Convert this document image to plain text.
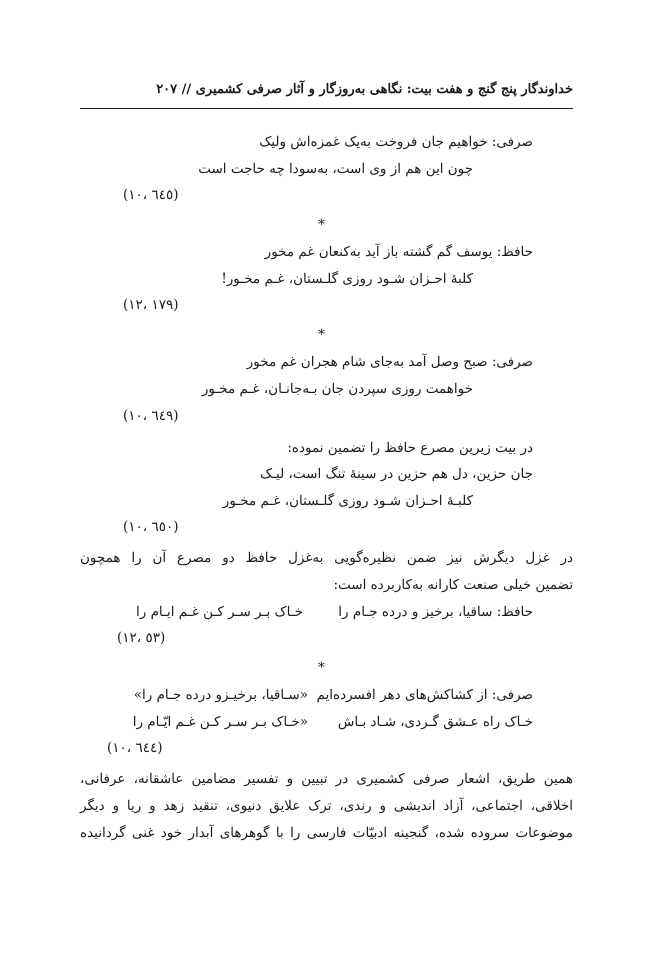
خداوندگار پنج گنج و هفت بیت: نگاهی به‌روزگار و آثار صرفی کشمیری // ۲۰۷
صرفی: خواهیم جان فروخت به‌یک غمزه‌اش ولیک
چون این هم از وی است، به‌سودا چه حاجت است
(٦٤٥ ،١٠)
*
حافظ: یوسف گم گشته باز آید به‌کنعان غم مخور
کلبهٔ احـزان شـود روزی گلـستان، غـم مخـور!
(١٧٩ ،١٢)
*
صرفی: صبح وصل آمد به‌جای شام هجران غم مخور
خواهمت روزی سپردن جان بـه‌جانـان، غـم مخـور
(٦٤٩ ،١٠)
در بیت زیرین مصرع حافظ را تضمین نموده:
جان حزین، دل هم حزین در سینهٔ تنگ است، لیـک
کلبـهٔ احـزان شـود روزی گلـستان، غـم مخـور
(٦٥٠ ،١٠)
در غزل دیگرش نیز ضمن نظیره‌گویی به‌غزل حافظ دو مصرع آن را همچون
تضمین خیلی صنعت کارانه به‌کاربرده است:
حافظ: ساقیا، برخیز و درده جـام را
خـاک بـر سـر کـن غـم ایـام را
(٥٣ ،١٢)
*
صرفی: از کشاکش‌های دهر افسرده‌ایم
«سـاقیا، برخیـزو درده جـام را»
خـاک راه عـشق گـردی، شـاد بـاش
«خـاک بـر سـر کـن غـم ایّـام را
(٦٤٤ ،١٠)
همین طریق، اشعار صرفی کشمیری در تبیین و تفسیر مضامین عاشقانه، عرفانی،
اخلاقی، اجتماعی، آزاد اندیشی و رندی، ترک علایق دنیوی، تنقید زهد و ریا و دیگر
موضوعات سروده شده، گنجینه ادبیّات فارسی را با گوهرهای آبدار خود غنی گردانیده
